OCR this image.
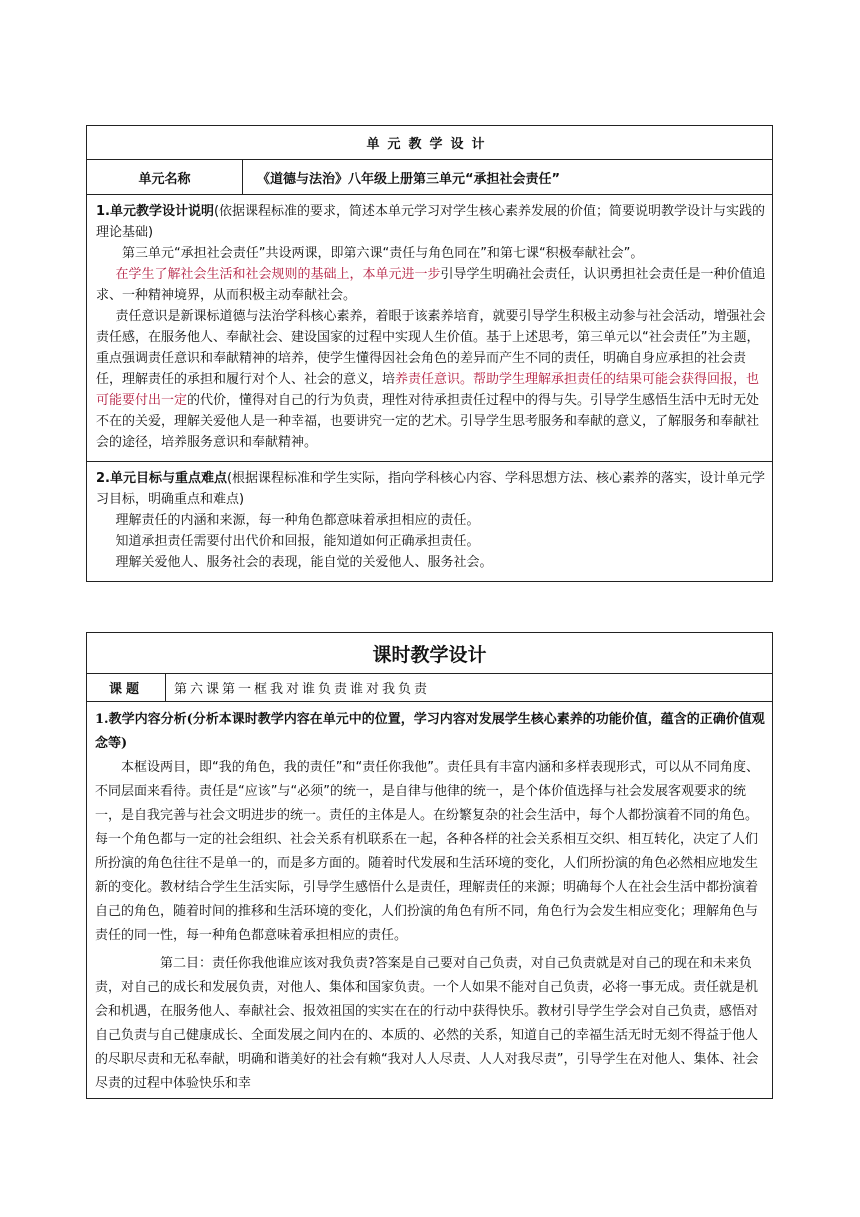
单元教学设计
单元名称	《道德与法治》八年级上册第三单元“承担社会责任”

1.单元教学设计说明(依据课程标准的要求，简述本单元学习对学生核心素养发展的价值；简要说明教学设计与实践的理论基础)

第三单元“承担社会责任”共设两课，即第六课“责任与角色同在”和第七课“积极奉献社会”。

在学生了解社会生活和社会规则的基础上，本单元进一步引导学生明确社会责任，认识勇担社会责任是一种价值追求、一种精神境界，从而积极主动奉献社会。

责任意识是新课标道德与法治学科核心素养，着眼于该素养培育，就要引导学生积极主动参与社会活动，增强社会责任感，在服务他人、奉献社会、建设国家的过程中实现人生价值。基于上述思考，第三单元以“社会责任”为主题，重点强调责任意识和奉献精神的培养，使学生懂得因社会角色的差异而产生不同的责任，明确自身应承担的社会责任，理解责任的承担和履行对个人、社会的意义，培养责任意识。帮助学生理解承担责任的结果可能会获得回报，也可能要付出一定的代价，懂得对自己的行为负责，理性对待承担责任过程中的得与失。引导学生感悟生活中无时无处不在的关爱，理解关爱他人是一种幸福，也要讲究一定的艺术。引导学生思考服务和奉献的意义，了解服务和奉献社会的途径，培养服务意识和奉献精神。

2.单元目标与重点难点(根据课程标准和学生实际，指向学科核心内容、学科思想方法、核心素养的落实，设计单元学习目标，明确重点和难点)

理解责任的内涵和来源，每一种角色都意味着承担相应的责任。

知道承担责任需要付出代价和回报，能知道如何正确承担责任。

理解关爱他人、服务社会的表现，能自觉的关爱他人、服务社会。

课时教学设计
课题	第六课第一框我对谁负责谁对我负责

1.教学内容分析(分析本课时教学内容在单元中的位置，学习内容对发展学生核心素养的功能价值，蕴含的正确价值观念等)

本框设两目，即“我的角色，我的责任”和“责任你我他”。责任具有丰富内涵和多样表现形式，可以从不同角度、不同层面来看待。责任是“应该”与“必须”的统一，是自律与他律的统一，是个体价值选择与社会发展客观要求的统一，是自我完善与社会文明进步的统一。责任的主体是人。在纷繁复杂的社会生活中，每个人都扮演着不同的角色。每一个角色都与一定的社会组织、社会关系有机联系在一起，各种各样的社会关系相互交织、相互转化，决定了人们所扮演的角色往往不是单一的，而是多方面的。随着时代发展和生活环境的变化，人们所扮演的角色必然相应地发生新的变化。教材结合学生生活实际，引导学生感悟什么是责任，理解责任的来源；明确每个人在社会生活中都扮演着自己的角色，随着时间的推移和生活环境的变化，人们扮演的角色有所不同，角色行为会发生相应变化；理解角色与责任的同一性，每一种角色都意味着承担相应的责任。

第二目：责任你我他谁应该对我负责?答案是自己要对自己负责，对自己负责就是对自己的现在和未来负责，对自己的成长和发展负责，对他人、集体和国家负责。一个人如果不能对自己负责，必将一事无成。责任就是机会和机遇，在服务他人、奉献社会、报效祖国的实实在在的行动中获得快乐。教材引导学生学会对自己负责，感悟对自己负责与自己健康成长、全面发展之间内在的、本质的、必然的关系，知道自己的幸福生活无时无刻不得益于他人的尽职尽责和无私奉献，明确和谐美好的社会有赖“我对人人尽责、人人对我尽责”，引导学生在对他人、集体、社会尽责的过程中体验快乐和幸
